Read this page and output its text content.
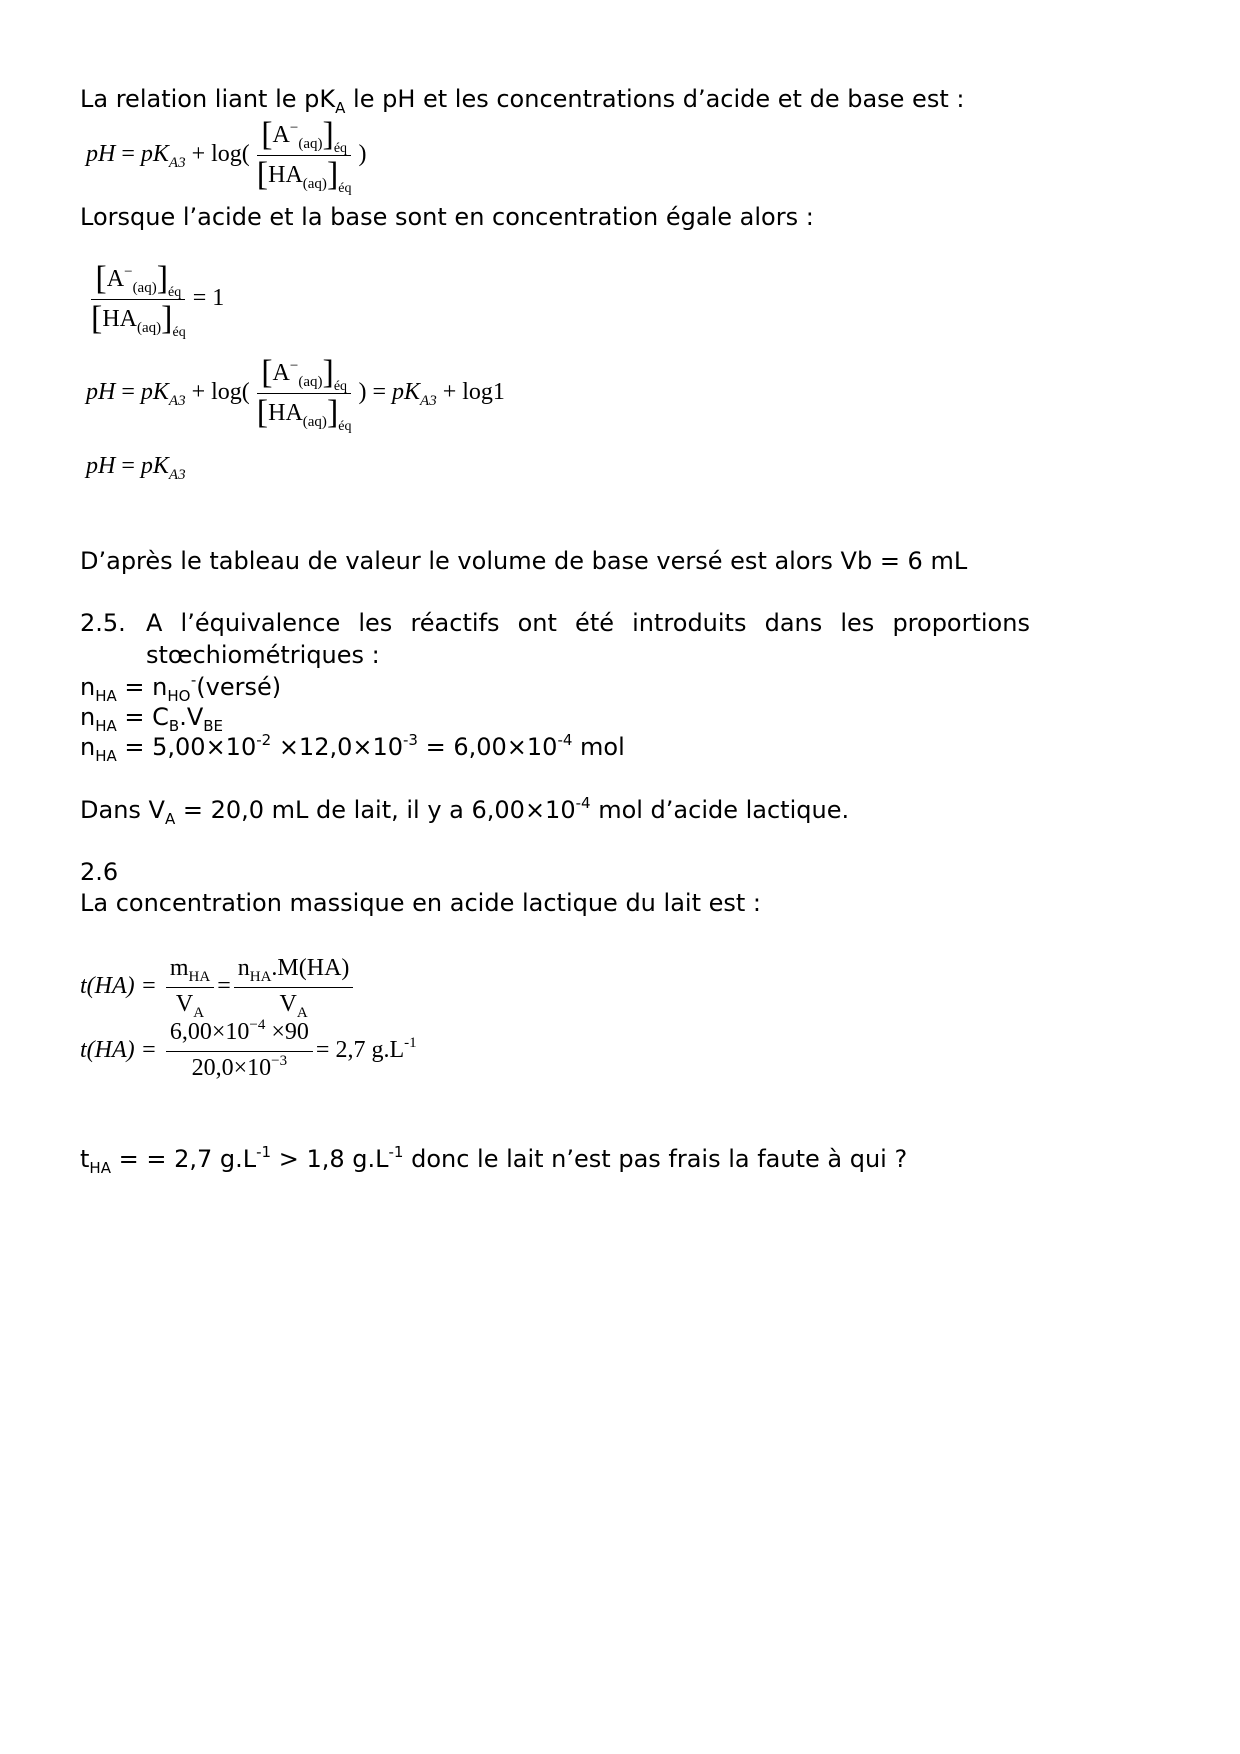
La relation liant le $pK_A$ le pH et les concentrations d’acide et de base est :
pH = $pK_{A3} + \log( \frac{[A^-_{(aq)}]_{éq}}{[HA_{(aq)}]_{éq}}$ )
Lorsque l’acide et la base sont en concentration égale alors :
$\frac{[A^-_{(aq)}]_{éq}}{[HA_{(aq)}]_{éq}} = 1$
pH = $pK_{A3} + \log( \frac{[A^-_{(aq)}]_{éq}}{[HA_{(aq)}]_{éq}}$ ) = $pK_{A3} + \log 1$
pH = $pK_{A3}$
D’après le tableau de valeur le volume de base versé est alors Vb = 6 mL
2.5. A l’équivalence les réactifs ont été introduits dans les proportions
stœchiométriques :
$n_{HA}$ = $n_{HO}^-(versé)$
$n_{HA} = C_B.V_{BE}$
$n_{HA} = 5,00\times 10^{-2} \times 12,0\times 10^{-3} = 6,00\times 10^{-4}$ mol
Dans $V_A = 20,0$ mL de lait, il y a $6,00\times 10^{-4}$ mol d’acide lactique.
2.6
La concentration massique en acide lactique du lait est :
$t(HA) = \frac{m_{HA}}{V_A} = \frac{n_{HA}.M(HA)}{V_A}$
$t(HA) = \frac{6,00\times 10^{-4} \times 90}{20,0\times 10^{-3}} = 2,7$ $g.L^{-1}$
$t_{HA}$ = = 2,7 $g.L^{-1} > 1,8$ $g.L^{-1}$ donc le lait n’est pas frais la faute à qui ?
